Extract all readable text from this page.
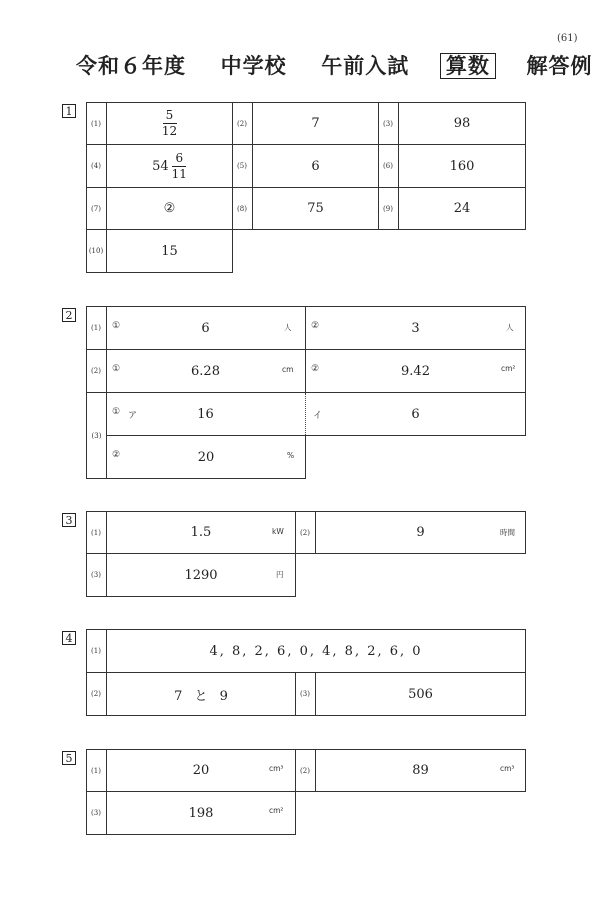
(61)
令和６年度 中学校 午前入試 算数 解答例
1
(1)	$\frac{5}{12}$	(2)	7	(3)	98
(4)	$54 \frac{6}{11}$	(5)	6	(6)	160
(7)	②	(8)	75	(9)	24
(10)	15
2
(1)	①	6	人 ②	3	人
(2)	①	6.28	cm ②	9.42	cm²
(3)
① ア	16	イ	6
②	20	%
3
(1)	1.5	kW	(2)	9	時間
(3)	1290	円
4
(1)	4, 8, 2, 6, 0, 4, 8, 2, 6, 0
(2)	7 と 9	(3)	506
5
(1)	20	cm³	(2)	89	cm³
(3)	198	cm²
